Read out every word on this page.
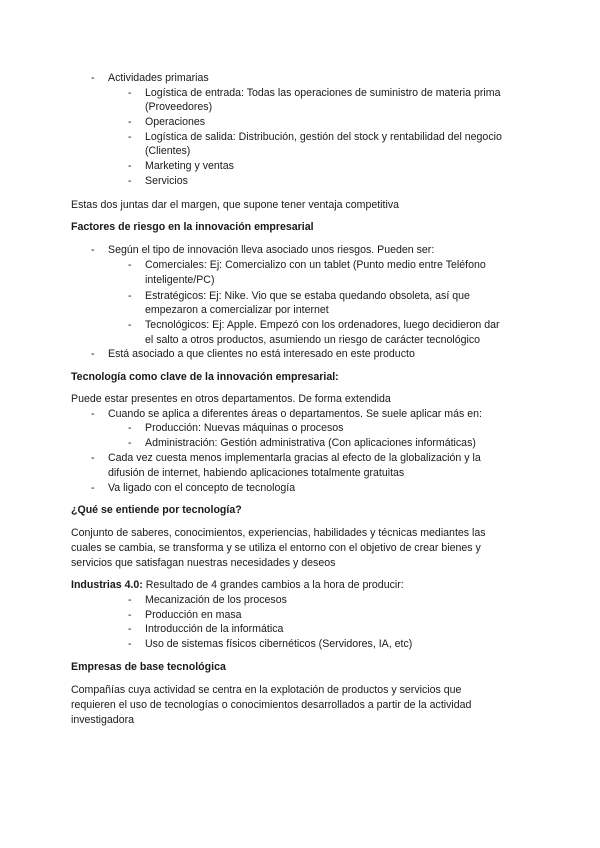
- Actividades primarias
- Logística de entrada: Todas las operaciones de suministro de materia prima
(Proveedores)
- Operaciones
- Logística de salida: Distribución, gestión del stock y rentabilidad del negocio
(Clientes)
- Marketing y ventas
- Servicios
Estas dos juntas dar el margen, que supone tener ventaja competitiva
Factores de riesgo en la innovación empresarial
- Según el tipo de innovación lleva asociado unos riesgos. Pueden ser:
- Comerciales: Ej: Comercializo con un tablet (Punto medio entre Teléfono
inteligente/PC)
- Estratégicos: Ej: Nike. Vio que se estaba quedando obsoleta, así que
empezaron a comercializar por internet
- Tecnológicos: Ej: Apple. Empezó con los ordenadores, luego decidieron dar
el salto a otros productos, asumiendo un riesgo de carácter tecnológico
- Está asociado a que clientes no está interesado en este producto
Tecnología como clave de la innovación empresarial:
Puede estar presentes en otros departamentos. De forma extendida
- Cuando se aplica a diferentes áreas o departamentos. Se suele aplicar más en:
- Producción: Nuevas máquinas o procesos
- Administración: Gestión administrativa (Con aplicaciones informáticas)
- Cada vez cuesta menos implementarla gracias al efecto de la globalización y la
difusión de internet, habiendo aplicaciones totalmente gratuitas
- Va ligado con el concepto de tecnología
¿Qué se entiende por tecnología?
Conjunto de saberes, conocimientos, experiencias, habilidades y técnicas mediantes las
cuales se cambia, se transforma y se utiliza el entorno con el objetivo de crear bienes y
servicios que satisfagan nuestras necesidades y deseos
Industrias 4.0: Resultado de 4 grandes cambios a la hora de producir:
- Mecanización de los procesos
- Producción en masa
- Introducción de la informática
- Uso de sistemas físicos cibernéticos (Servidores, IA, etc)
Empresas de base tecnológica
Compañías cuya actividad se centra en la explotación de productos y servicios que
requieren el uso de tecnologías o conocimientos desarrollados a partir de la actividad
investigadora
